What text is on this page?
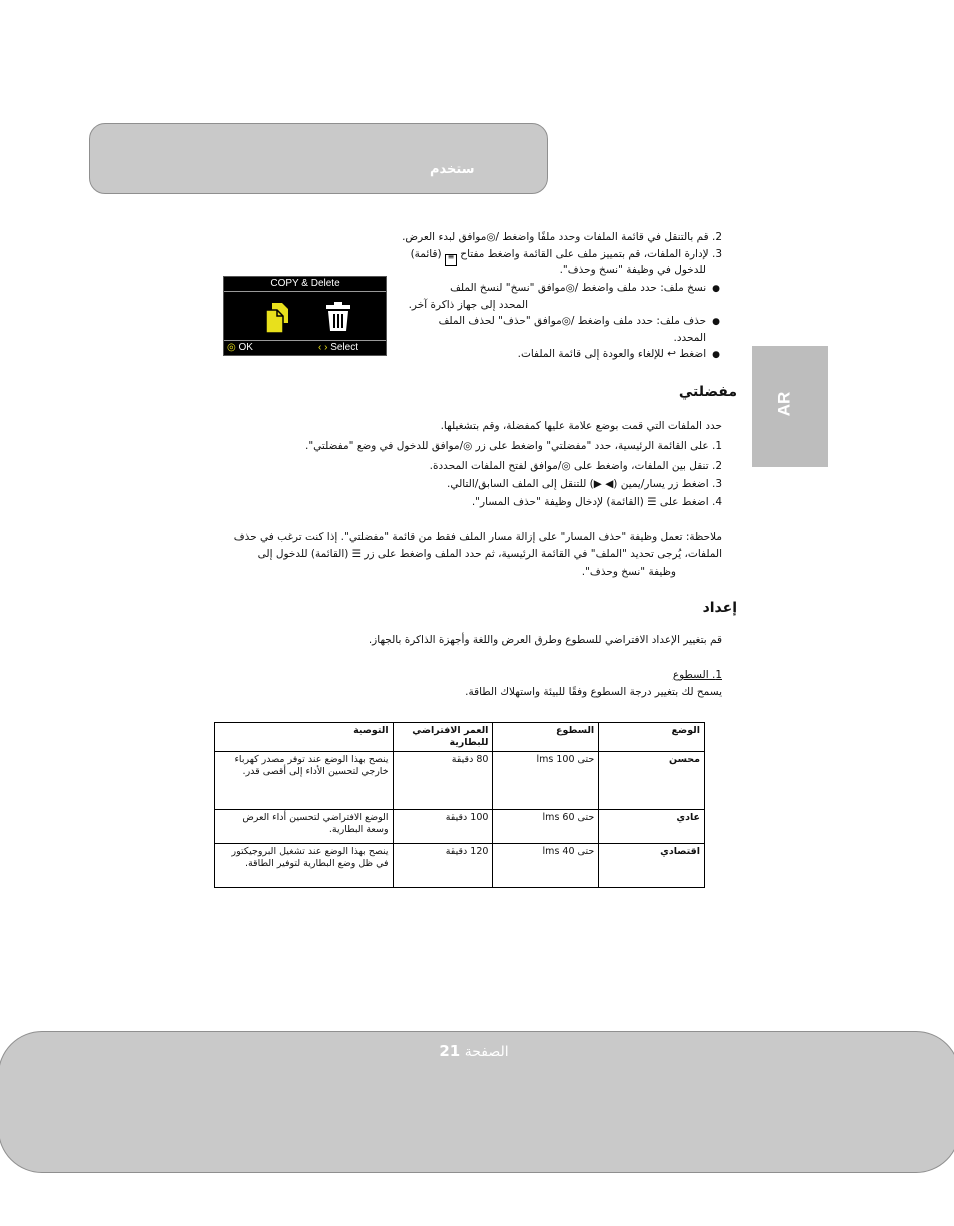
ستخدم
AR
2. قم بالتنقل في قائمة الملفات وحدد ملفًا واضغط /◎موافق لبدء العرض.
3. لإدارة الملفات، قم بتمييز ملف على القائمة واضغط مفتاح ≡ (قائمة)
للدخول في وظيفة "نسخ وحذف".
● نسخ ملف: حدد ملف واضغط /◎موافق "نسخ" لنسخ الملف
المحدد إلى جهاز ذاكرة آخر.
● حذف ملف: حدد ملف واضغط /◎موافق "حذف" لحذف الملف
المحدد.
● اضغط ↩ للإلغاء والعودة إلى قائمة الملفات.
COPY & Delete
◎ OK	‹ › Select
مفضلتي
حدد الملفات التي قمت بوضع علامة عليها كمفضلة، وقم بتشغيلها.
1. على القائمة الرئيسية، حدد "مفضلتي" واضغط على زر ◎/موافق للدخول في وضع "مفضلتي".
2. تنقل بين الملفات، واضغط على ◎/موافق لفتح الملفات المحددة.
3. اضغط زر يسار/يمين (◀ ▶) للتنقل إلى الملف السابق/التالي.
4. اضغط على ☰ (القائمة) لإدخال وظيفة "حذف المسار".
ملاحظة: تعمل وظيفة "حذف المسار" على إزالة مسار الملف فقط من قائمة "مفضلتي". إذا كنت ترغب في حذف
الملفات، يُرجى تحديد "الملف" في القائمة الرئيسية، ثم حدد الملف واضغط على زر ☰ (القائمة) للدخول إلى
وظيفة "نسخ وحذف".
إعداد
قم بتغيير الإعداد الافتراضي للسطوع وطرق العرض واللغة وأجهزة الذاكرة بالجهاز.
1. السطوع
يسمح لك بتغيير درجة السطوع وفقًا للبيئة واستهلاك الطاقة.
الوضع	السطوع	العمر الافتراضي للبطارية	التوصية
محسن	حتى 100 lms	80 دقيقة	ينصح بهذا الوضع عند توفر مصدر كهرباء خارجي لتحسين الأداء إلى أقصى قدر.
عادي	حتى 60 lms	100 دقيقة	الوضع الافتراضي لتحسين أداء العرض وسعة البطارية.
اقتصادي	حتى 40 lms	120 دقيقة	ينصح بهذا الوضع عند تشغيل البروجيكتور في ظل وضع البطارية لتوفير الطاقة.
الصفحة 21
